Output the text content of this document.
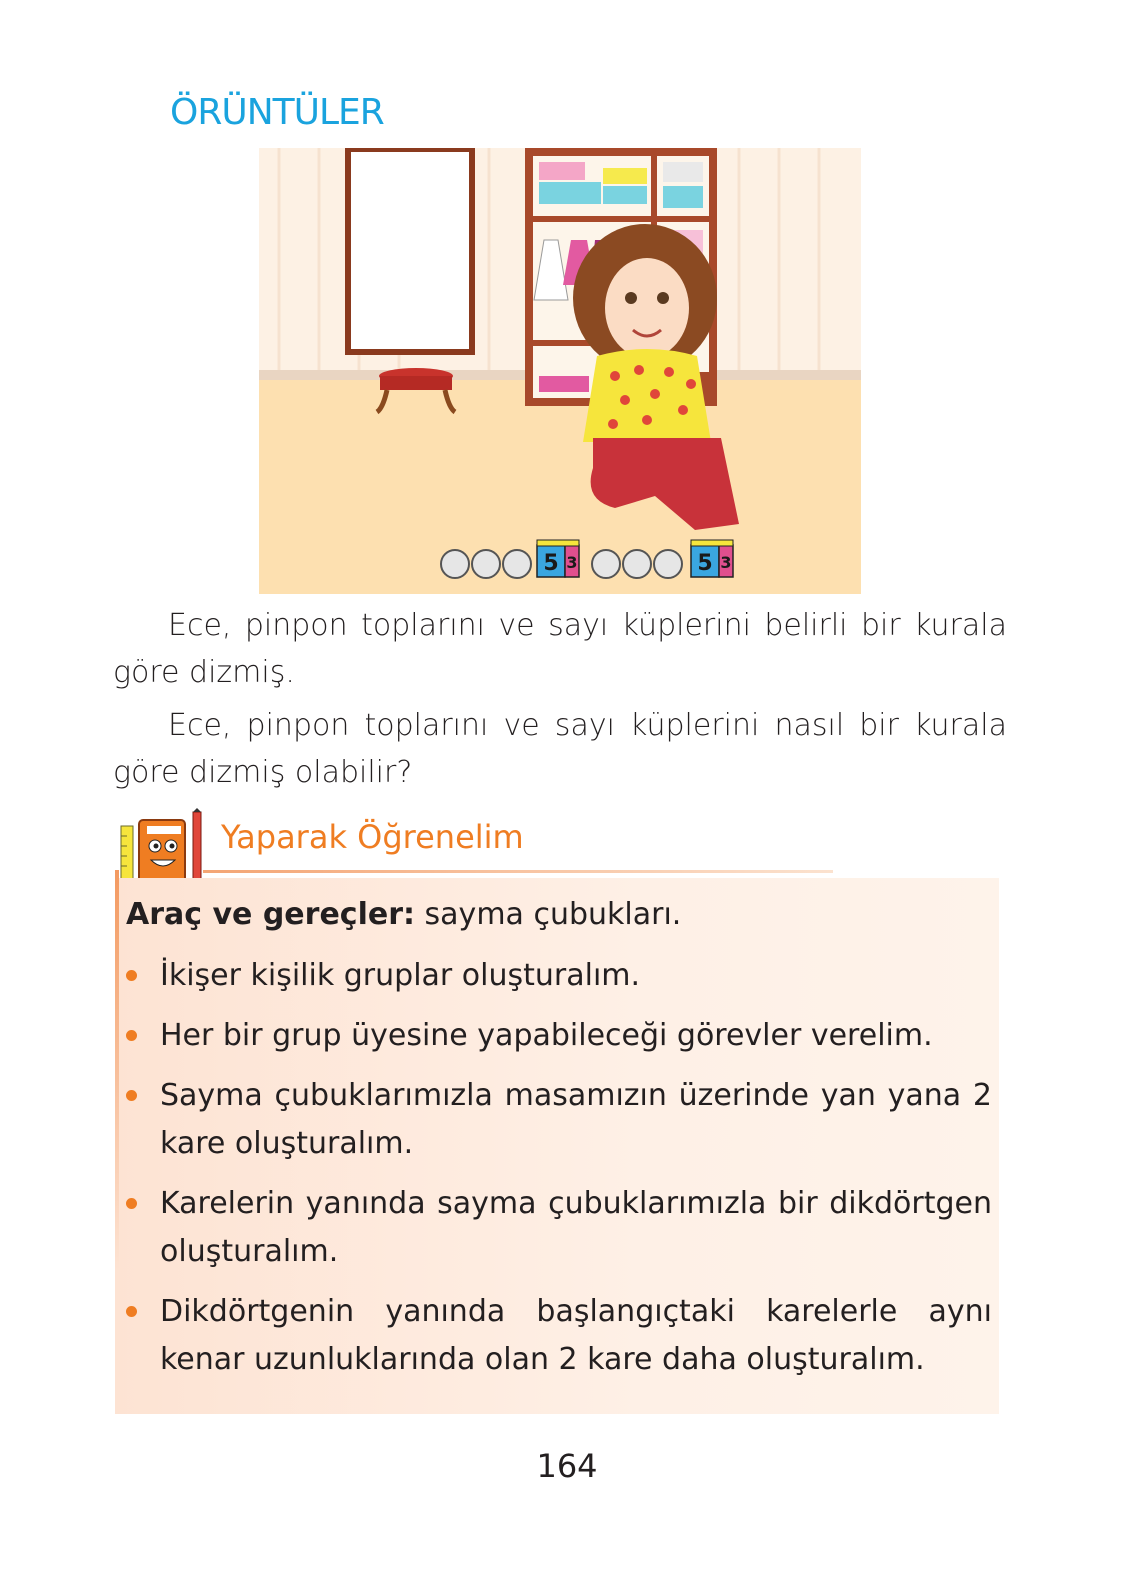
ÖRÜNTÜLER
5 3	5 3
Ece, pinpon toplarını ve sayı küplerini belirli bir kurala göre dizmiş.
Ece, pinpon toplarını ve sayı küplerini nasıl bir kurala göre dizmiş olabilir?
Yaparak Öğrenelim
Araç ve gereçler: sayma çubukları.
İkişer kişilik gruplar oluşturalım.
Her bir grup üyesine yapabileceği görevler verelim.
Sayma çubuklarımızla masamızın üzerinde yan yana 2 kare oluşturalım.
Karelerin yanında sayma çubuklarımızla bir dikdörtgen oluşturalım.
Dikdörtgenin yanında başlangıçtaki karelerle aynı kenar uzunluklarında olan 2 kare daha oluşturalım.
164
